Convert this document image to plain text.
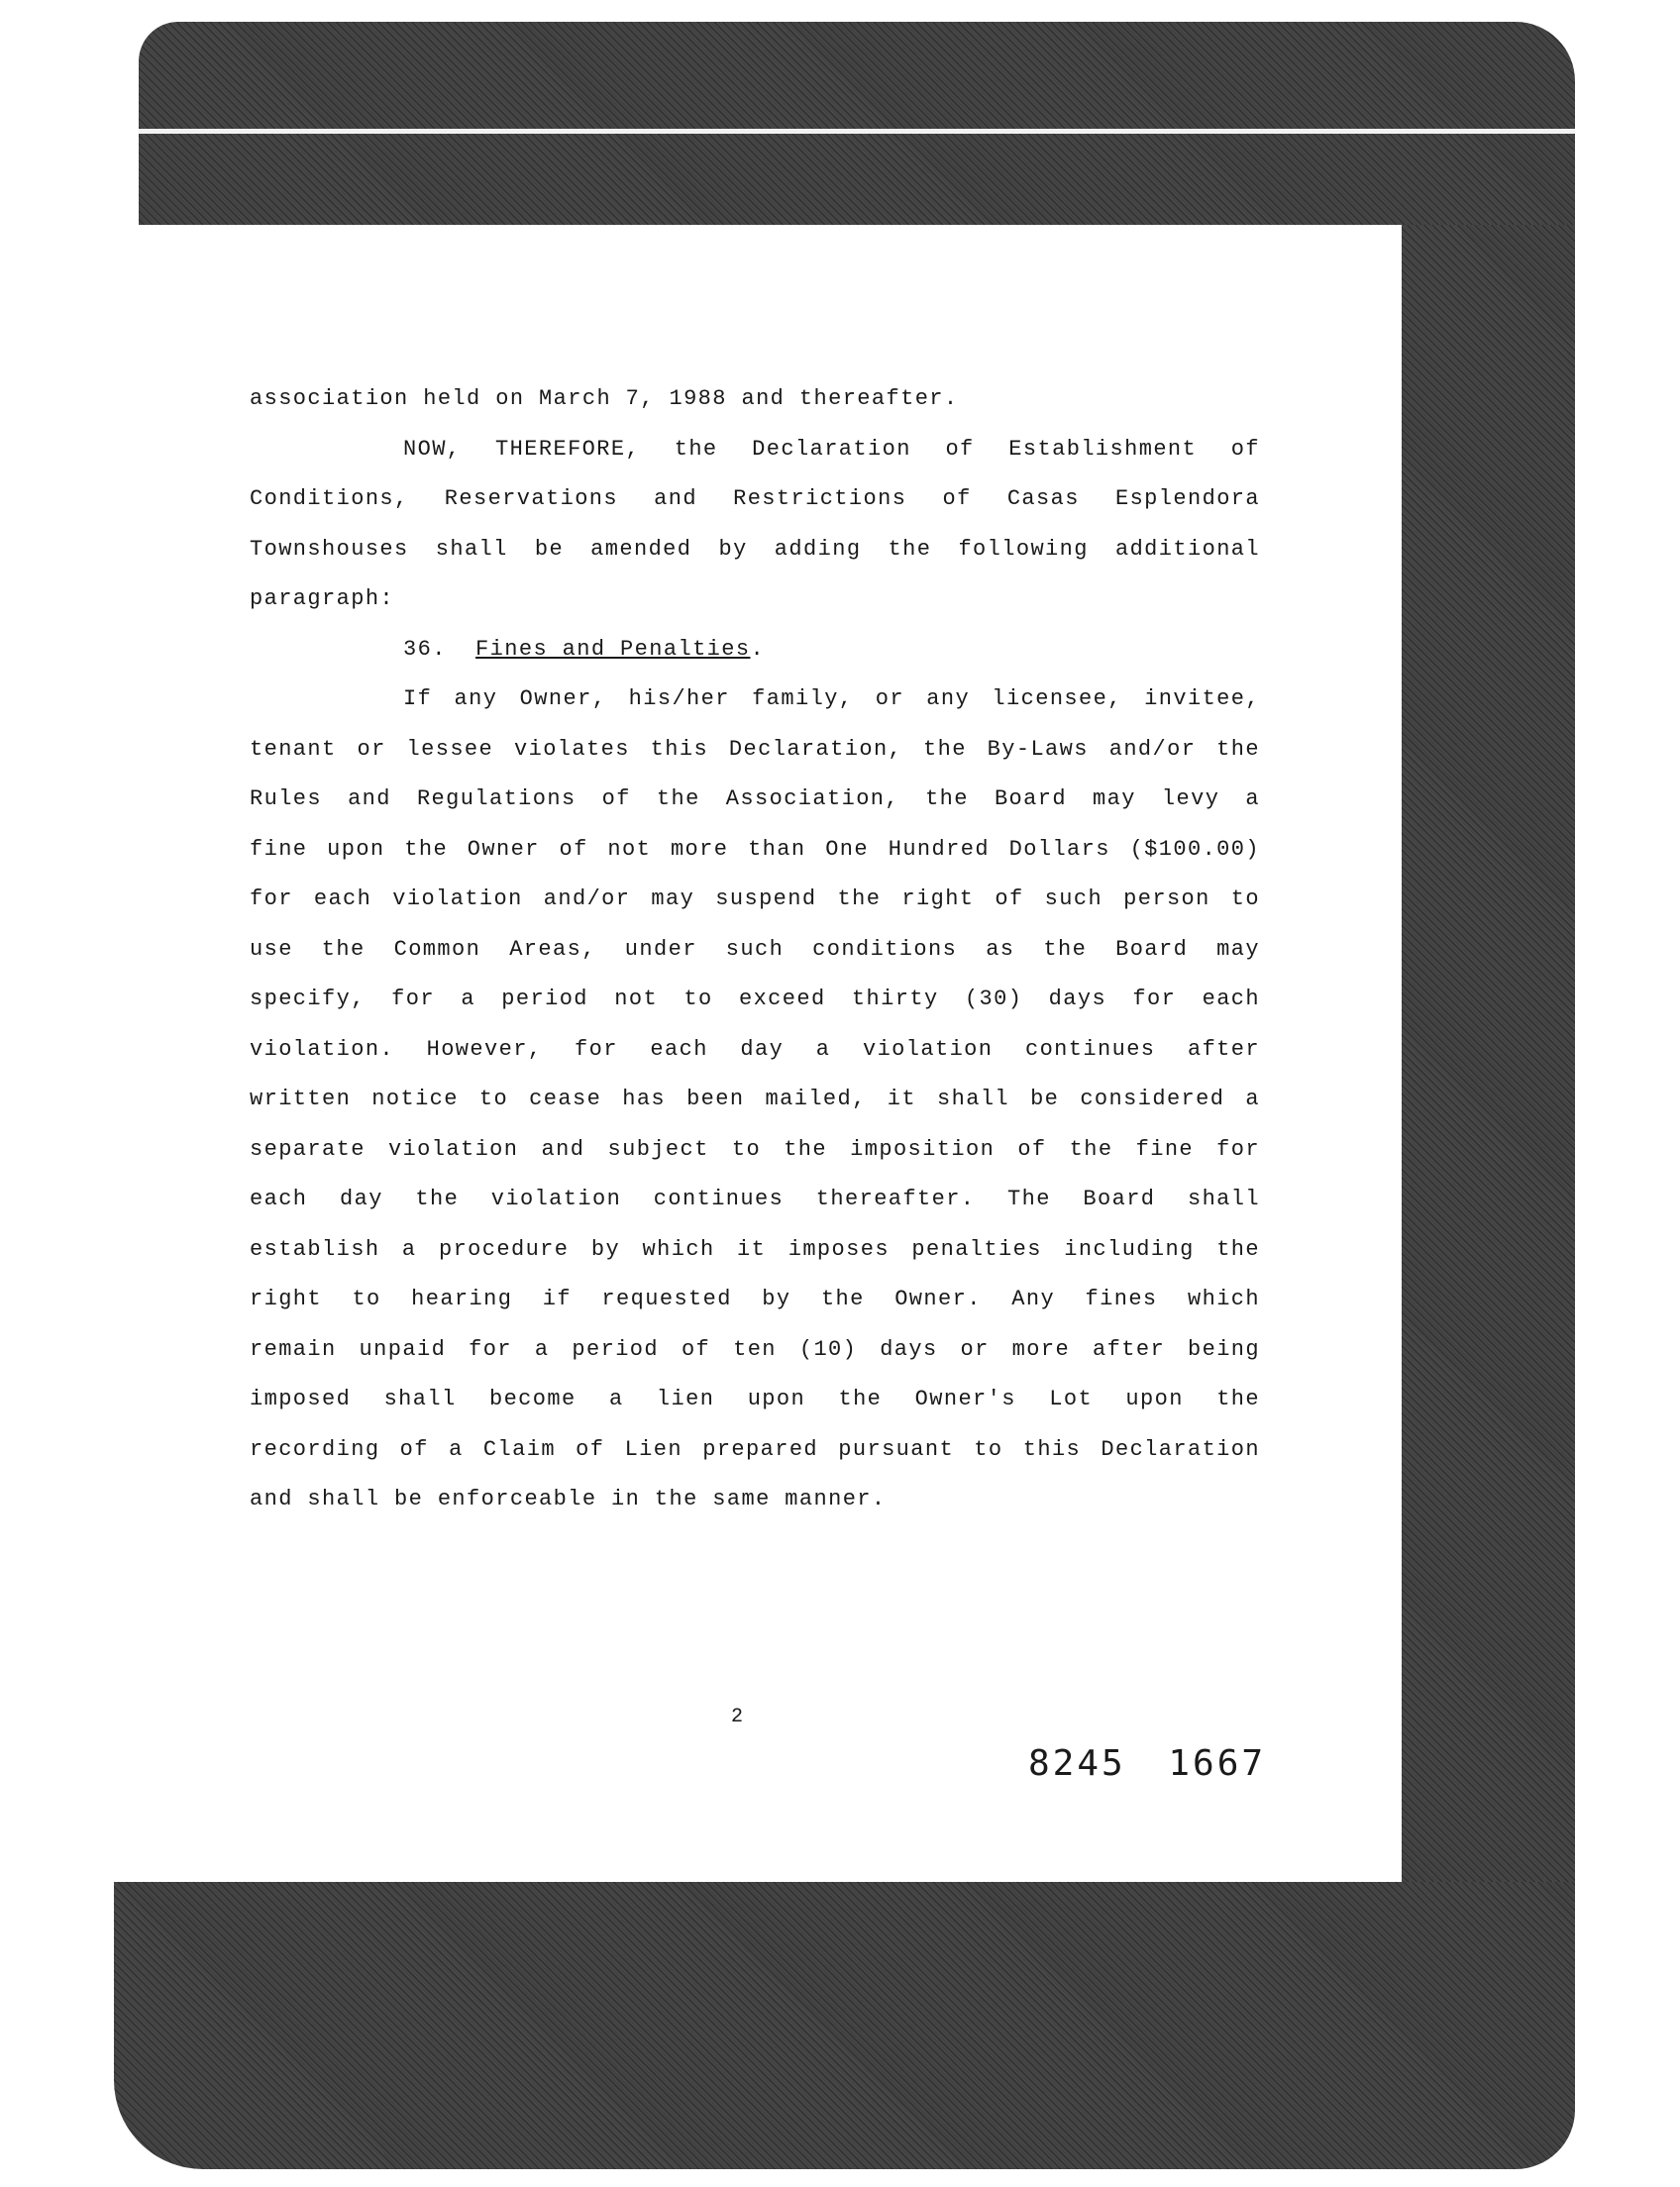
association held on March 7, 1988 and thereafter.
NOW, THEREFORE, the Declaration of Establishment of
Conditions, Reservations and Restrictions of Casas Esplendora
Townshouses shall be amended by adding the following additional
paragraph:
36. Fines and Penalties.
If any Owner, his/her family, or any licensee, invitee,
tenant or lessee violates this Declaration, the By-Laws and/or the
Rules and Regulations of the Association, the Board may levy a
fine upon the Owner of not more than One Hundred Dollars ($100.00)
for each violation and/or may suspend the right of such person to
use the Common Areas, under such conditions as the Board may
specify, for a period not to exceed thirty (30) days for each
violation. However, for each day a violation continues after
written notice to cease has been mailed, it shall be considered a
separate violation and subject to the imposition of the fine for
each day the violation continues thereafter. The Board shall
establish a procedure by which it imposes penalties including the
right to hearing if requested by the Owner. Any fines which
remain unpaid for a period of ten (10) days or more after being
imposed shall become a lien upon the Owner's Lot upon the
recording of a Claim of Lien prepared pursuant to this Declaration
and shall be enforceable in the same manner.
2
8245 1667
